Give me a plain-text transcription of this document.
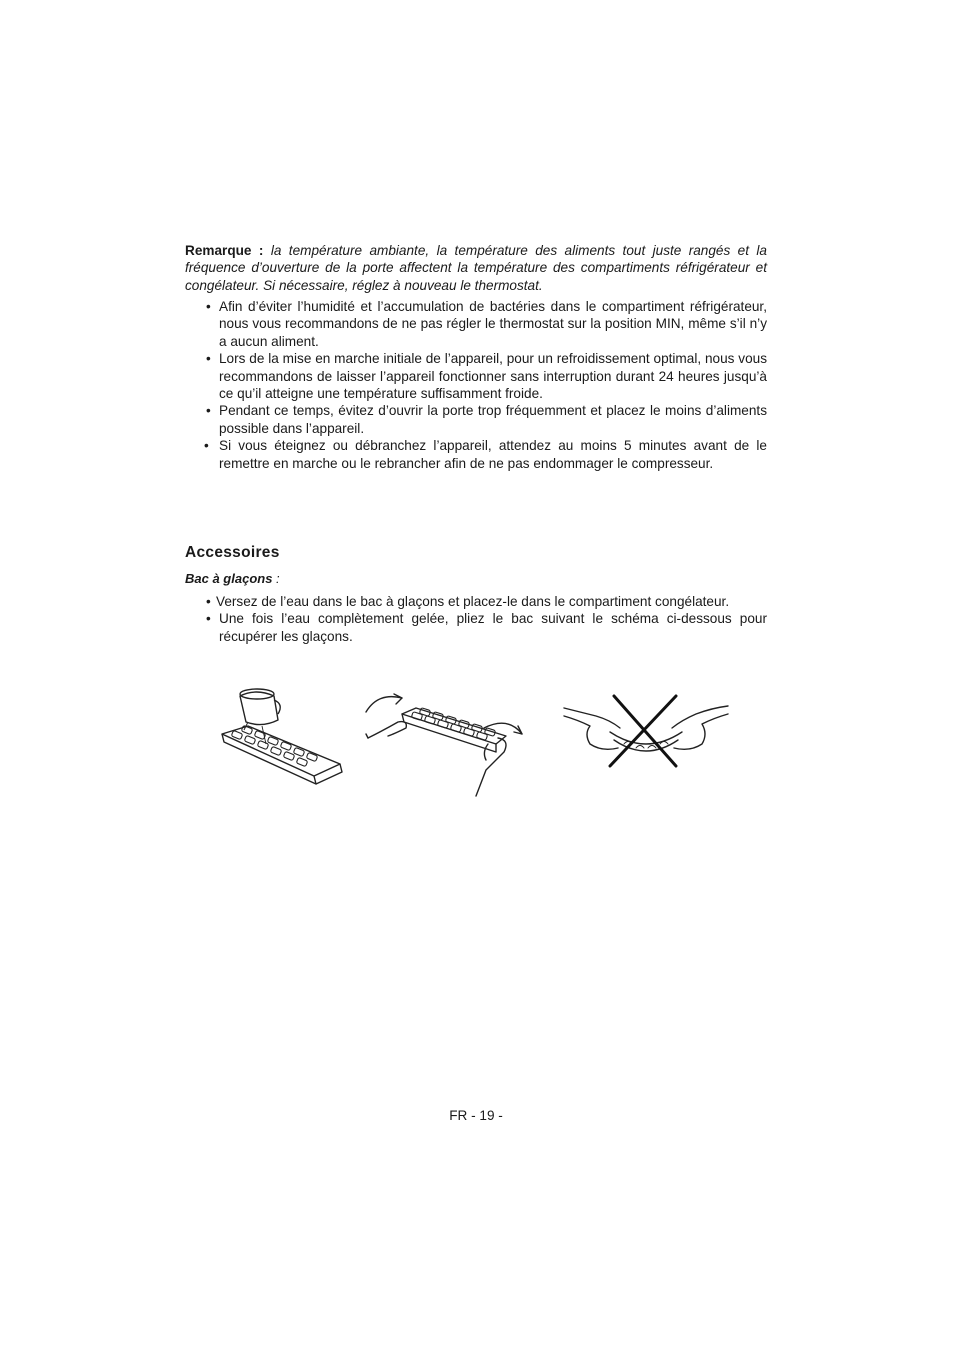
Remarque : la température ambiante, la température des aliments tout juste rangés et la fréquence d’ouverture de la porte affectent la température des compartiments réfrigérateur et congélateur. Si nécessaire, réglez à nouveau le thermostat.

• Afin d’éviter l’humidité et l’accumulation de bactéries dans le compartiment réfrigérateur, nous vous recommandons de ne pas régler le thermostat sur la position MIN, même s’il n’y a aucun aliment.
• Lors de la mise en marche initiale de l’appareil, pour un refroidissement optimal, nous vous recommandons de laisser l’appareil fonctionner sans interruption durant 24 heures jusqu’à ce qu’il atteigne une température suffisamment froide.
• Pendant ce temps, évitez d’ouvrir la porte trop fréquemment et placez le moins d’aliments possible dans l’appareil.
• Si vous éteignez ou débranchez l’appareil, attendez au moins 5 minutes avant de le remettre en marche ou le rebrancher afin de ne pas endommager le compresseur.
Accessoires
Bac à glaçons :
• Versez de l’eau dans le bac à glaçons et placez-le dans le compartiment congélateur.
• Une fois l’eau complètement gelée, pliez le bac suivant le schéma ci-dessous pour récupérer les glaçons.
FR - 19 -
